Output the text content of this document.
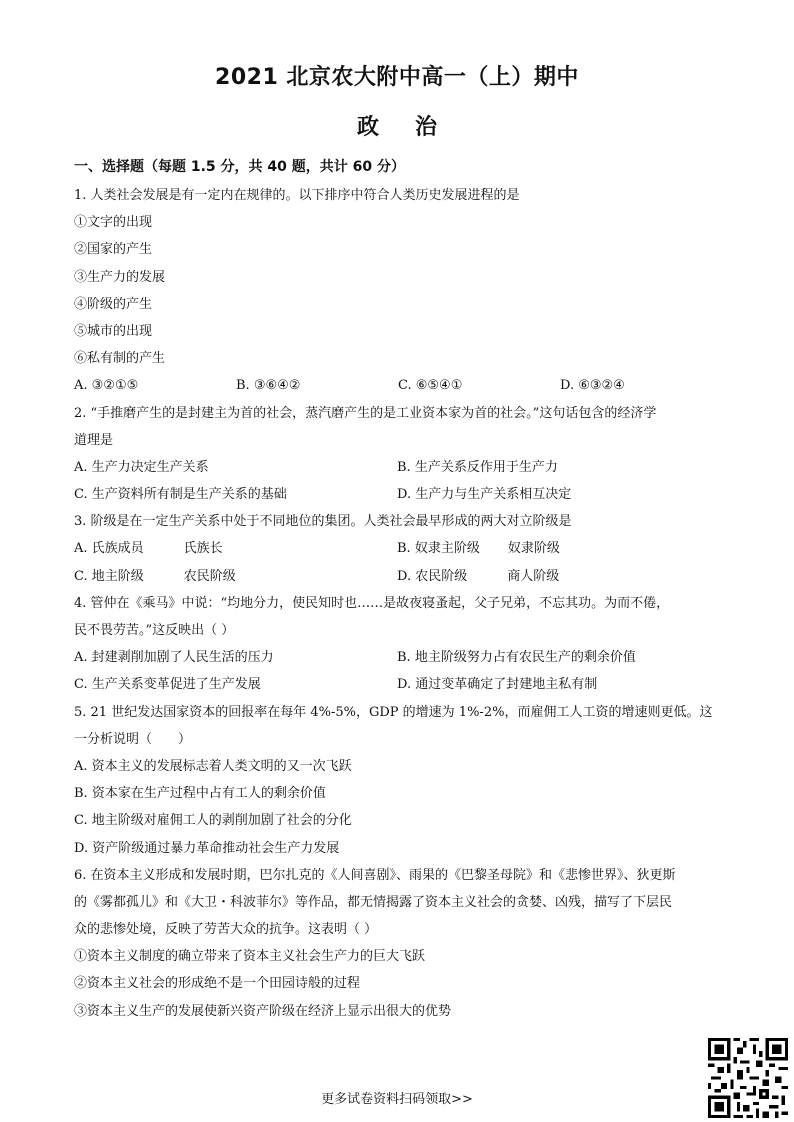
2021 北京农大附中高一（上）期中
政治
一、选择题（每题 1.5 分，共 40 题，共计 60 分）
1. 人类社会发展是有一定内在规律的。以下排序中符合人类历史发展进程的是
①文字的出现
②国家的产生
③生产力的发展
④阶级的产生
⑤城市的出现
⑥私有制的产生
A. ③②①⑤	B. ③⑥④②	C. ⑥⑤④①	D. ⑥③②④
2. “手推磨产生的是封建主为首的社会，蒸汽磨产生的是工业资本家为首的社会。”这句话包含的经济学
道理是
A. 生产力决定生产关系	B. 生产关系反作用于生产力
C. 生产资料所有制是生产关系的基础	D. 生产力与生产关系相互决定
3. 阶级是在一定生产关系中处于不同地位的集团。人类社会最早形成的两大对立阶级是
A. 氏族成员	氏族长	B. 奴隶主阶级 奴隶阶级
C. 地主阶级	农民阶级	D. 农民阶级	商人阶级
4. 管仲在《乘马》中说：“均地分力，使民知时也……是故夜寝蚤起，父子兄弟，不忘其功。为而不倦，
民不畏劳苦。”这反映出（ ）
A. 封建剥削加剧了人民生活的压力	B. 地主阶级努力占有农民生产的剩余价值
C. 生产关系变革促进了生产发展	D. 通过变革确定了封建地主私有制
5. 21 世纪发达国家资本的回报率在每年 4%-5%，GDP 的增速为 1%-2%，而雇佣工人工资的增速则更低。这
一分析说明（　　）
A. 资本主义的发展标志着人类文明的又一次飞跃
B. 资本家在生产过程中占有工人的剩余价值
C. 地主阶级对雇佣工人的剥削加剧了社会的分化
D. 资产阶级通过暴力革命推动社会生产力发展
6. 在资本主义形成和发展时期，巴尔扎克的《人间喜剧》、雨果的《巴黎圣母院》和《悲惨世界》、狄更斯
的《雾都孤儿》和《大卫・科波菲尔》等作品，都无情揭露了资本主义社会的贪婪、凶残，描写了下层民
众的悲惨处境，反映了劳苦大众的抗争。这表明（ ）
①资本主义制度的确立带来了资本主义社会生产力的巨大飞跃
②资本主义社会的形成绝不是一个田园诗般的过程
③资本主义生产的发展使新兴资产阶级在经济上显示出很大的优势
更多试卷资料扫码领取>>
